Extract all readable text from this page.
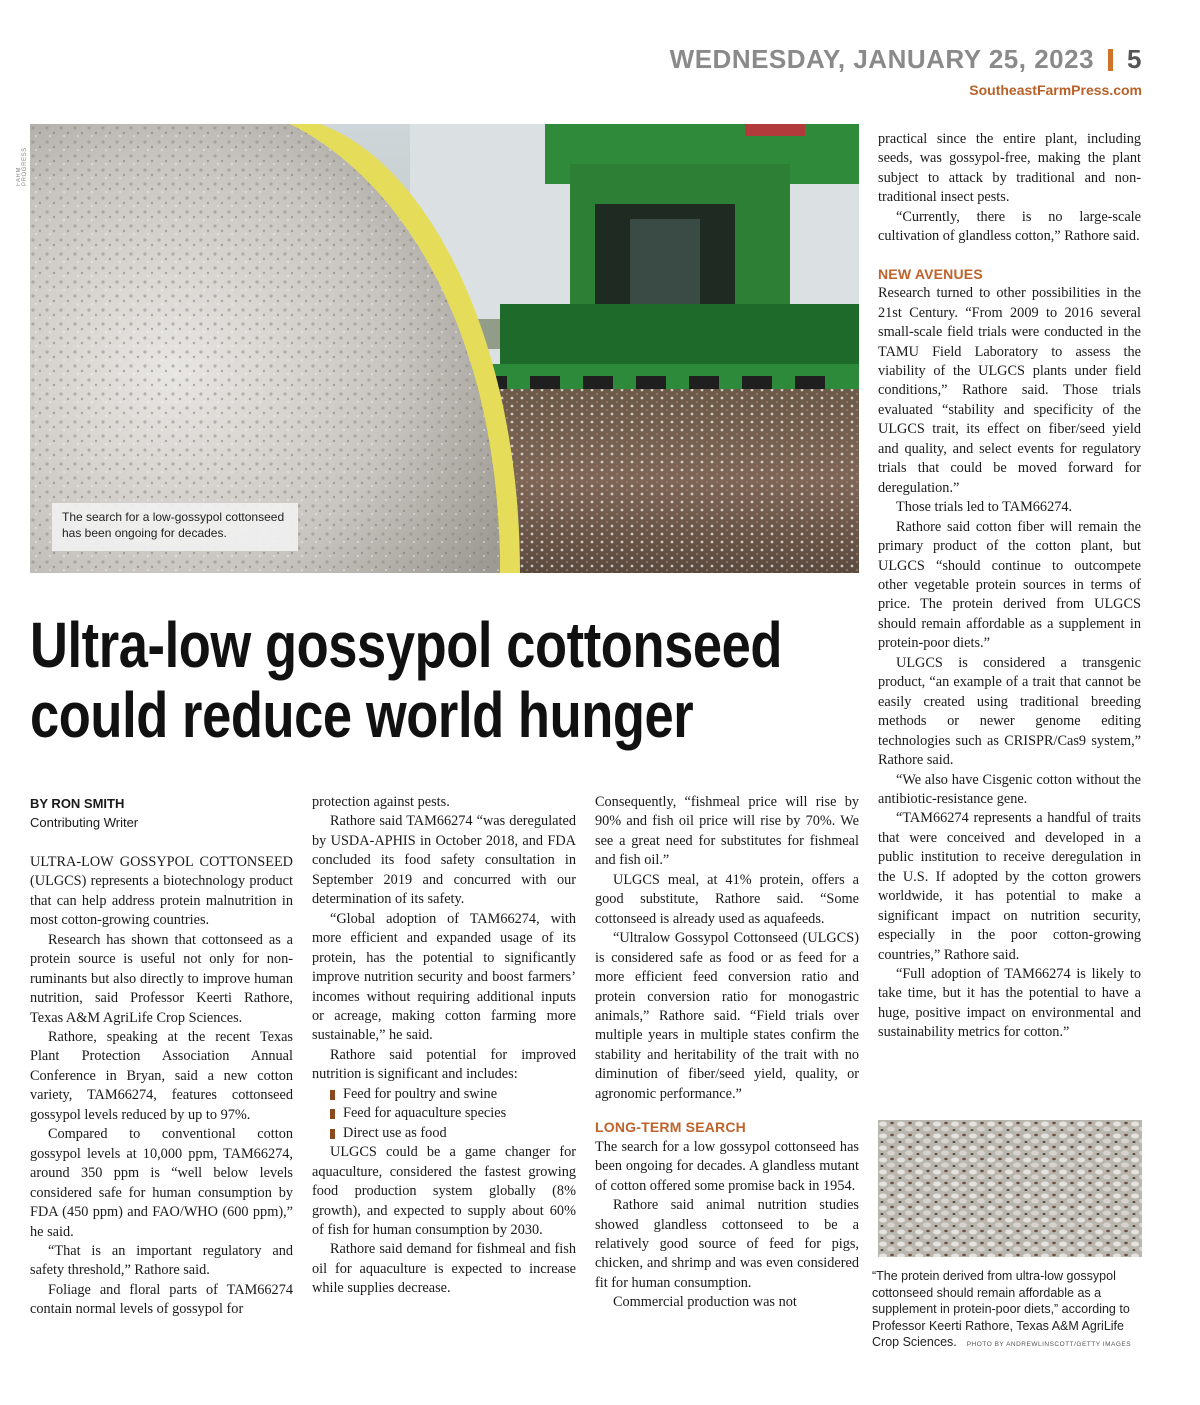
WEDNESDAY, JANUARY 25, 2023 5
SoutheastFarmPress.com
FARM PROGRESS
The search for a low-gossypol cottonseed has been ongoing for decades.
Ultra-low gossypol cottonseed
could reduce world hunger
BY RON SMITH
Contributing Writer

ULTRA-LOW GOSSYPOL COTTONSEED (ULGCS) represents a biotechnology product that can help address protein malnutrition in most cotton-growing countries.

Research has shown that cottonseed as a protein source is useful not only for non-ruminants but also directly to improve human nutrition, said Professor Keerti Rathore, Texas A&M AgriLife Crop Sciences.

Rathore, speaking at the recent Texas Plant Protection Association Annual Conference in Bryan, said a new cotton variety, TAM66274, features cottonseed gossypol levels reduced by up to 97%.

Compared to conventional cotton gossypol levels at 10,000 ppm, TAM66274, around 350 ppm is “well below levels considered safe for human consumption by FDA (450 ppm) and FAO/WHO (600 ppm),” he said.

“That is an important regulatory and safety threshold,” Rathore said.

Foliage and floral parts of TAM66274 contain normal levels of gossypol for

protection against pests.

Rathore said TAM66274 “was deregulated by USDA-APHIS in October 2018, and FDA concluded its food safety consultation in September 2019 and concurred with our determination of its safety.

“Global adoption of TAM66274, with more efficient and expanded usage of its protein, has the potential to significantly improve nutrition security and boost farmers’ incomes without requiring additional inputs or acreage, making cotton farming more sustainable,” he said.

Rathore said potential for improved nutrition is significant and includes:

Feed for poultry and swine
Feed for aquaculture species
Direct use as food

ULGCS could be a game changer for aquaculture, considered the fastest growing food production system globally (8% growth), and expected to supply about 60% of fish for human consumption by 2030.

Rathore said demand for fishmeal and fish oil for aquaculture is expected to increase while supplies decrease.

Consequently, “fishmeal price will rise by 90% and fish oil price will rise by 70%. We see a great need for substitutes for fishmeal and fish oil.”

ULGCS meal, at 41% protein, offers a good substitute, Rathore said. “Some cottonseed is already used as aquafeeds.

“Ultralow Gossypol Cottonseed (ULGCS) is considered safe as food or as feed for a more efficient feed conversion ratio and protein conversion ratio for monogastric animals,” Rathore said. “Field trials over multiple years in multiple states confirm the stability and heritability of the trait with no diminution of fiber/seed yield, quality, or agronomic performance.”

LONG-TERM SEARCH

The search for a low gossypol cottonseed has been ongoing for decades. A glandless mutant of cotton offered some promise back in 1954.

Rathore said animal nutrition studies showed glandless cottonseed to be a relatively good source of feed for pigs, chicken, and shrimp and was even considered fit for human consumption.

Commercial production was not

practical since the entire plant, including seeds, was gossypol-free, making the plant subject to attack by traditional and non-traditional insect pests.

“Currently, there is no large-scale cultivation of glandless cotton,” Rathore said.

NEW AVENUES

Research turned to other possibilities in the 21st Century. “From 2009 to 2016 several small-scale field trials were conducted in the TAMU Field Laboratory to assess the viability of the ULGCS plants under field conditions,” Rathore said. Those trials evaluated “stability and specificity of the ULGCS trait, its effect on fiber/seed yield and quality, and select events for regulatory trials that could be moved forward for deregulation.”

Those trials led to TAM66274.

Rathore said cotton fiber will remain the primary product of the cotton plant, but ULGCS “should continue to outcompete other vegetable protein sources in terms of price. The protein derived from ULGCS should remain affordable as a supplement in protein-poor diets.”

ULGCS is considered a transgenic product, “an example of a trait that cannot be easily created using traditional breeding methods or newer genome editing technologies such as CRISPR/Cas9 system,” Rathore said.

“We also have Cisgenic cotton without the antibiotic-resistance gene.

“TAM66274 represents a handful of traits that were conceived and developed in a public institution to receive deregulation in the U.S. If adopted by the cotton growers worldwide, it has potential to make a significant impact on nutrition security, especially in the poor cotton-growing countries,” Rathore said.

“Full adoption of TAM66274 is likely to take time, but it has the potential to have a huge, positive impact on environmental and sustainability metrics for cotton.”

“The protein derived from ultra-low gossypol cottonseed should remain affordable as a supplement in protein-poor diets,” according to Professor Keerti Rathore, Texas A&M AgriLife Crop Sciences. PHOTO BY ANDREWLINSCOTT/GETTY IMAGES
